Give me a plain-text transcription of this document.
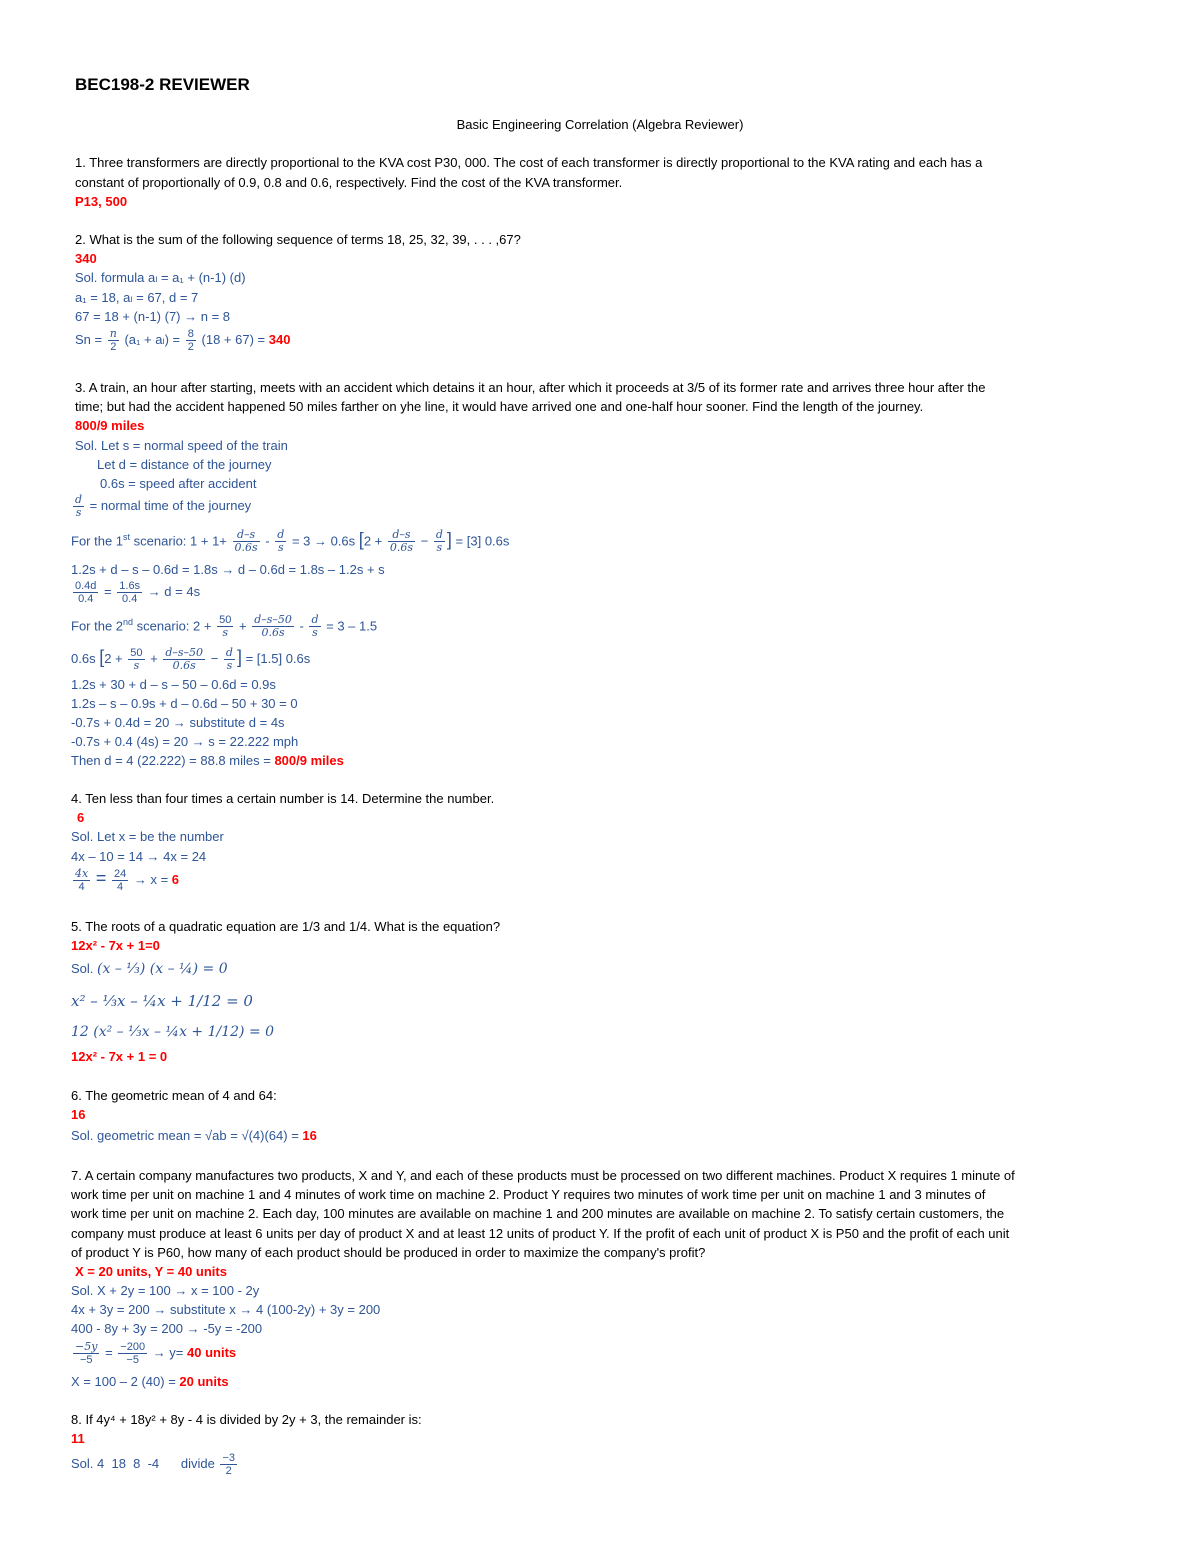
BEC198-2 REVIEWER
Basic Engineering Correlation (Algebra Reviewer)
1. Three transformers are directly proportional to the KVA cost P30, 000. The cost of each transformer is directly proportional to the KVA rating and each has a
constant of proportionally of 0.9, 0.8 and 0.6, respectively. Find the cost of the KVA transformer.
P13, 500
2. What is the sum of the following sequence of terms 18, 25, 32, 39, . . . ,67?
340
Sol. formula aₗ = a₁ + (n-1) (d)
a₁ = 18, aₗ = 67, d = 7
67 = 18 + (n-1) (7) → n = 8
$Sn = \frac{n}{2} (a_1 + a_l) = \frac{8}{2} (18 + 67) = 340$
3. A train, an hour after starting, meets with an accident which detains it an hour, after which it proceeds at 3/5 of its former rate and arrives three hour after the
time; but had the accident happened 50 miles farther on yhe line, it would have arrived one and one-half hour sooner. Find the length of the journey.
800/9 miles
Sol. Let s = normal speed of the train
Let d = distance of the journey
0.6s = speed after accident
$\frac{d}{s}$ = normal time of the journey
For the 1st scenario: $1 + 1+ \frac{d-s}{0.6s} - \frac{d}{s} = 3 \to 0.6s$ [$2 + \frac{d-s}{0.6s} - \frac{d}{s}$ ] = [3] 0.6s
1.2s + d – s – 0.6d = 1.8s → d – 0.6d = 1.8s – 1.2s + s
$\frac{0.4d}{0.4} = \frac{1.6s}{0.4} \to d = 4s$
For the 2nd scenario: $2 + \frac{50}{s} + \frac{d-s-50}{0.6s} - \frac{d}{s} = 3 - 1.5$
0.6s [$2 + \frac{50}{s} + \frac{d-s-50}{0.6s} - \frac{d}{s}$ ] = [1.5] 0.6s
1.2s + 30 + d – s – 50 – 0.6d = 0.9s
1.2s – s – 0.9s + d – 0.6d – 50 + 30 = 0
-0.7s + 0.4d = 20 → substitute d = 4s
-0.7s + 0.4 (4s) = 20 → s = 22.222 mph
Then d = 4 (22.222) = 88.8 miles = 800/9 miles
4. Ten less than four times a certain number is 14. Determine the number.
6
Sol. Let x = be the number
4x – 10 = 14 → 4x = 24
$\frac{4x}{4} = \frac{24}{4} \to x = 6$
5. The roots of a quadratic equation are 1/3 and 1/4. What is the equation?
12x² - 7x + 1=0
Sol. (x – ⅓) (x – ¼) = 0
x² – ⅓x – ¼x + 1/12 = 0
12 (x² – ⅓x – ¼x + 1/12) = 0
12x² - 7x + 1 = 0
6. The geometric mean of 4 and 64:
16
Sol. geometric mean = √ab = √(4)(64) = 16
7. A certain company manufactures two products, X and Y, and each of these products must be processed on two different machines. Product X requires 1 minute of
work time per unit on machine 1 and 4 minutes of work time on machine 2. Product Y requires two minutes of work time per unit on machine 1 and 3 minutes of
work time per unit on machine 2. Each day, 100 minutes are available on machine 1 and 200 minutes are available on machine 2. To satisfy certain customers, the
company must produce at least 6 units per day of product X and at least 12 units of product Y. If the profit of each unit of product X is P50 and the profit of each unit
of product Y is P60, how many of each product should be produced in order to maximize the company's profit?
X = 20 units, Y = 40 units
Sol. X + 2y = 100 → x = 100 - 2y
4x + 3y = 200 → substitute x → 4 (100-2y) + 3y = 200
400 - 8y + 3y = 200 → -5y = -200
$\frac{-5y}{-5} = \frac{-200}{-5} \to y= 40$ units
X = 100 – 2 (40) = 20 units
8. If 4y⁴ + 18y² + 8y - 4 is divided by 2y + 3, the remainder is:
11
Sol. 4  18  8  -4      divide $\frac{-3}{2}$
